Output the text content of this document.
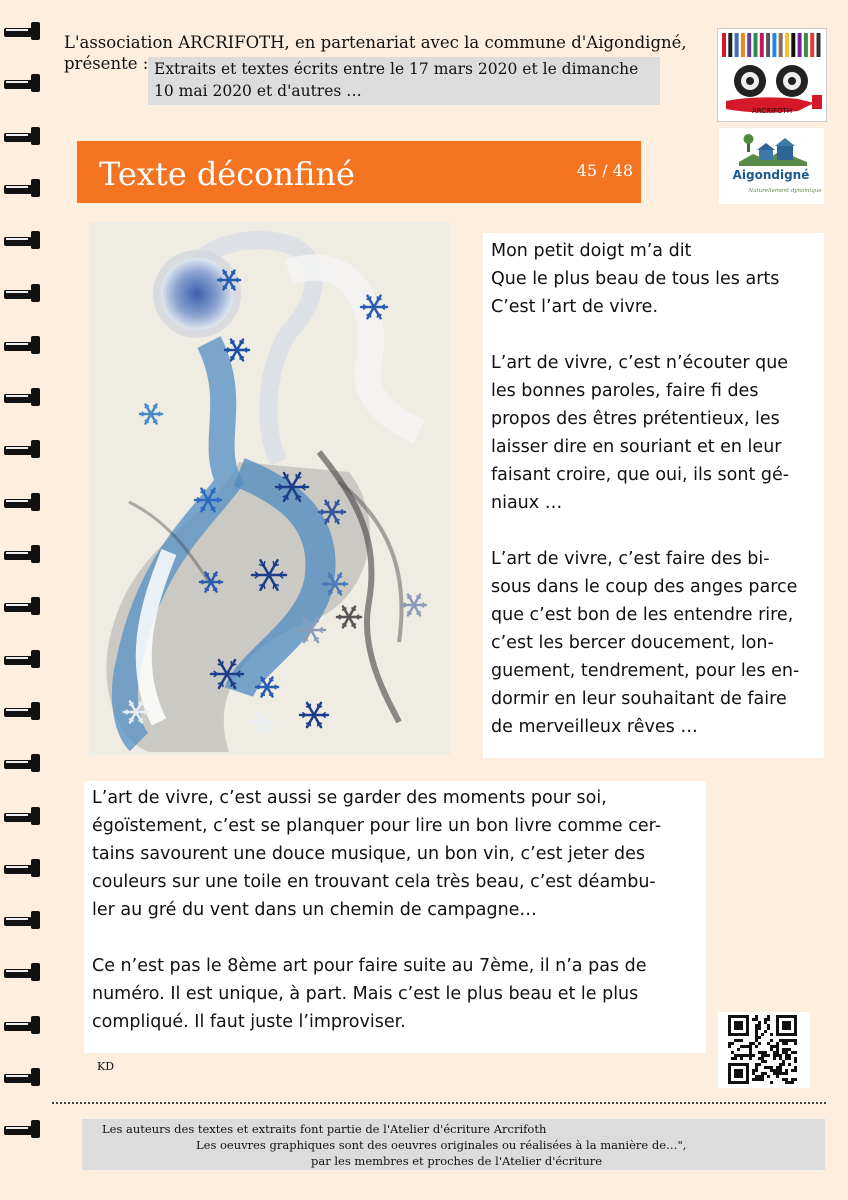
L'association ARCRIFOTH, en partenariat avec la commune d'Aigondigné,
présente : Extraits et textes écrits entre le 17 mars 2020 et le dimanche 10 mai 2020 et d'autres …
ARCRIFOTH
Aigondigné
Naturellement dynamique
Texte déconfiné	45 / 48

Mon petit doigt m’a dit
Que le plus beau de tous les arts
C’est l’art de vivre.

L’art de vivre, c’est n’écouter que
les bonnes paroles, faire fi des
propos des êtres prétentieux, les
laisser dire en souriant et en leur
faisant croire, que oui, ils sont gé-
niaux …

L’art de vivre, c’est faire des bi-
sous dans le coup des anges parce
que c’est bon de les entendre rire,
c’est les bercer doucement, lon-
guement, tendrement, pour les en-
dormir en leur souhaitant de faire
de merveilleux rêves …

L’art de vivre, c’est aussi se garder des moments pour soi,
égoïstement, c’est se planquer pour lire un bon livre comme cer-
tains savourent une douce musique, un bon vin, c’est jeter des
couleurs sur une toile en trouvant cela très beau, c’est déambu-
ler au gré du vent dans un chemin de campagne…

Ce n’est pas le 8ème art pour faire suite au 7ème, il n’a pas de
numéro. Il est unique, à part. Mais c’est le plus beau et le plus
compliqué. Il faut juste l’improviser.

KD
Les auteurs des textes et extraits font partie de l'Atelier d'écriture Arcrifoth
Les oeuvres graphiques sont des oeuvres originales ou réalisées à la manière de…",
par les membres et proches de l'Atelier d'écriture
